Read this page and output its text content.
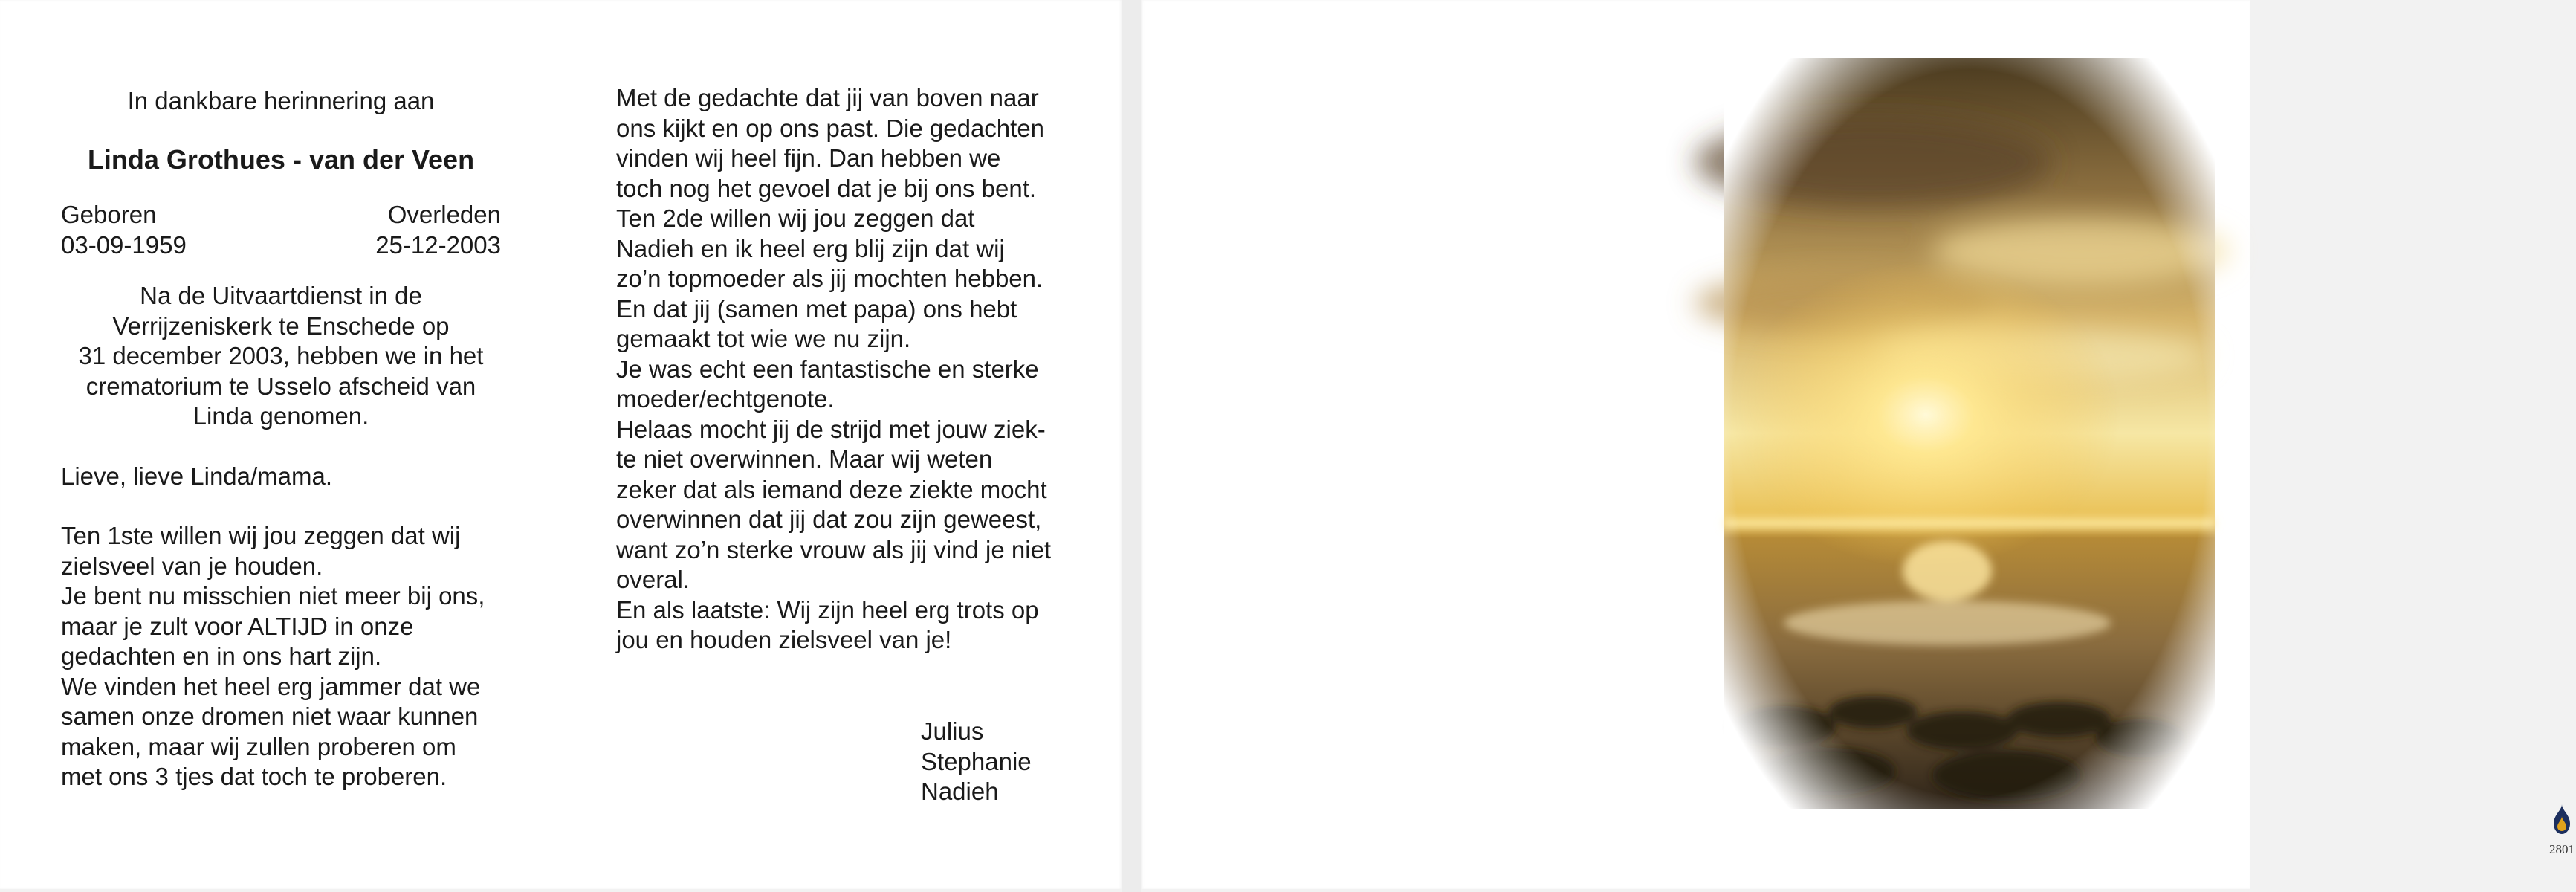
In dankbare herinnering aan

Linda Grothues - van der Veen

Geboren
03-09-1959
Overleden
25-12-2003
Na de Uitvaartdienst in de
Verrijzeniskerk te Enschede op
31 december 2003, hebben we in het
crematorium te Usselo afscheid van
Linda genomen.

Lieve, lieve Linda/mama.

Ten 1ste willen wij jou zeggen dat wij

zielsveel van je houden.

Je bent nu misschien niet meer bij ons,

maar je zult voor ALTIJD in onze

gedachten en in ons hart zijn.

We vinden het heel erg jammer dat we

samen onze dromen niet waar kunnen

maken, maar wij zullen proberen om

met ons 3 tjes dat toch te proberen.

Met de gedachte dat jij van boven naar

ons kijkt en op ons past. Die gedachten

vinden wij heel fijn. Dan hebben we

toch nog het gevoel dat je bij ons bent.

Ten 2de willen wij jou zeggen dat

Nadieh en ik heel erg blij zijn dat wij

zo’n topmoeder als jij mochten hebben.

En dat jij (samen met papa) ons hebt

gemaakt tot wie we nu zijn.

Je was echt een fantastische en sterke

moeder/echtgenote.

Helaas mocht jij de strijd met jouw ziek-

te niet overwinnen. Maar wij weten

zeker dat als iemand deze ziekte mocht

overwinnen dat jij dat zou zijn geweest,

want zo’n sterke vrouw als jij vind je niet

overal.

En als laatste: Wij zijn heel erg trots op

jou en houden zielsveel van je!

Julius
Stephanie
Nadieh
2801
